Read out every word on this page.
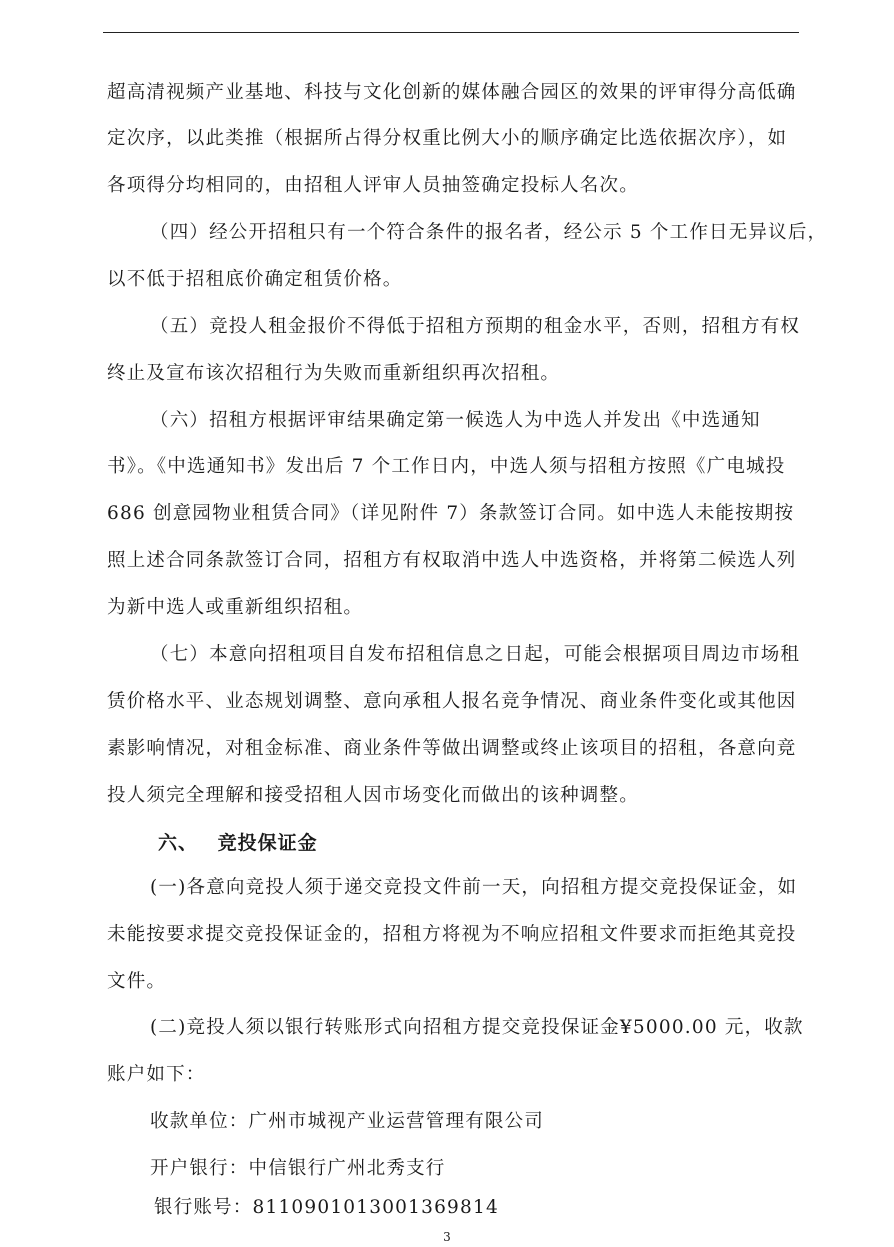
超高清视频产业基地、科技与文化创新的媒体融合园区的效果的评审得分高低确
定次序，以此类推（根据所占得分权重比例大小的顺序确定比选依据次序），如
各项得分均相同的，由招租人评审人员抽签确定投标人名次。
（四）经公开招租只有一个符合条件的报名者，经公示 5 个工作日无异议后，
以不低于招租底价确定租赁价格。
（五）竞投人租金报价不得低于招租方预期的租金水平，否则，招租方有权
终止及宣布该次招租行为失败而重新组织再次招租。
（六）招租方根据评审结果确定第一候选人为中选人并发出《中选通知
书》。《中选通知书》发出后 7 个工作日内，中选人须与招租方按照《广电城投
686 创意园物业租赁合同》（详见附件 7）条款签订合同。如中选人未能按期按
照上述合同条款签订合同，招租方有权取消中选人中选资格，并将第二候选人列
为新中选人或重新组织招租。
（七）本意向招租项目自发布招租信息之日起，可能会根据项目周边市场租
赁价格水平、业态规划调整、意向承租人报名竞争情况、商业条件变化或其他因
素影响情况，对租金标准、商业条件等做出调整或终止该项目的招租，各意向竞
投人须完全理解和接受招租人因市场变化而做出的该种调整。
六、 竞投保证金
(一)各意向竞投人须于递交竞投文件前一天，向招租方提交竞投保证金，如
未能按要求提交竞投保证金的，招租方将视为不响应招租文件要求而拒绝其竞投
文件。
(二)竞投人须以银行转账形式向招租方提交竞投保证金¥5000.00 元，收款
账户如下：
收款单位：广州市城视产业运营管理有限公司
开户银行：中信银行广州北秀支行
银行账号：8110901013001369814
3
